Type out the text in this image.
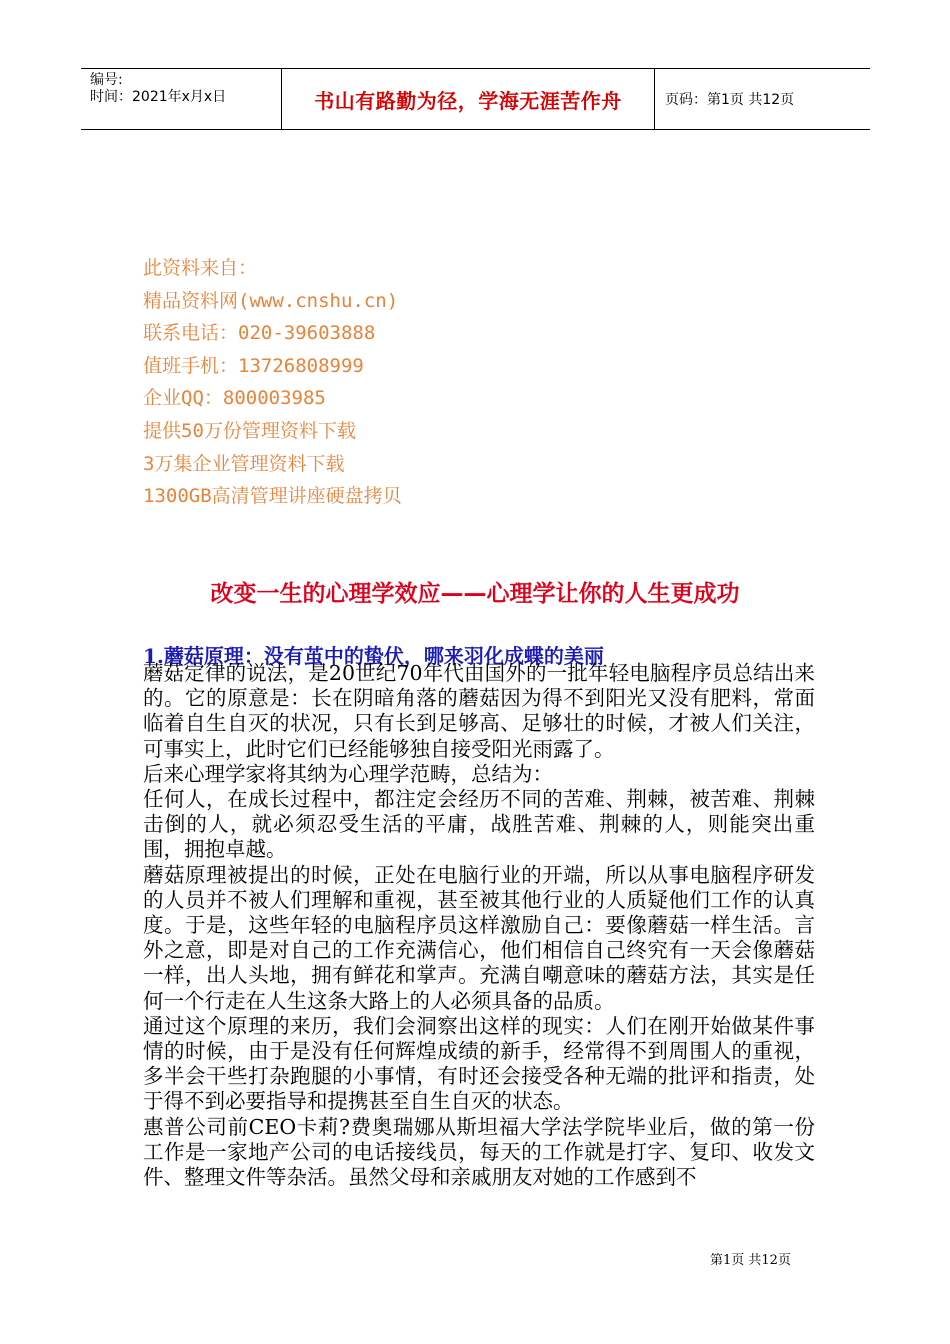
编号:
时间：2021年x月x日	书山有路勤为径，学海无涯苦作舟	页码：第1页 共12页
此资料来自：
精品资料网(www.cnshu.cn)
联系电话：020-39603888
值班手机：13726808999
企业QQ：800003985
提供50万份管理资料下载
3万集企业管理资料下载
1300GB高清管理讲座硬盘拷贝
改变一生的心理学效应——心理学让你的人生更成功
1.蘑菇原理：没有茧中的蛰伏，哪来羽化成蝶的美丽

蘑菇定律的说法，是20世纪70年代由国外的一批年轻电脑程序员总结出来的。它的原意是：长在阴暗角落的蘑菇因为得不到阳光又没有肥料，常面临着自生自灭的状况，只有长到足够高、足够壮的时候，才被人们关注，可事实上，此时它们已经能够独自接受阳光雨露了。

后来心理学家将其纳为心理学范畴，总结为：

任何人，在成长过程中，都注定会经历不同的苦难、荆棘，被苦难、荆棘击倒的人，就必须忍受生活的平庸，战胜苦难、荆棘的人，则能突出重围，拥抱卓越。

蘑菇原理被提出的时候，正处在电脑行业的开端，所以从事电脑程序研发的人员并不被人们理解和重视，甚至被其他行业的人质疑他们工作的认真度。于是，这些年轻的电脑程序员这样激励自己：要像蘑菇一样生活。言外之意，即是对自己的工作充满信心，他们相信自己终究有一天会像蘑菇一样，出人头地，拥有鲜花和掌声。充满自嘲意味的蘑菇方法，其实是任何一个行走在人生这条大路上的人必须具备的品质。

通过这个原理的来历，我们会洞察出这样的现实：人们在刚开始做某件事情的时候，由于是没有任何辉煌成绩的新手，经常得不到周围人的重视，多半会干些打杂跑腿的小事情，有时还会接受各种无端的批评和指责，处于得不到必要指导和提携甚至自生自灭的状态。

惠普公司前CEO卡莉?费奥瑞娜从斯坦福大学法学院毕业后，做的第一份工作是一家地产公司的电话接线员，每天的工作就是打字、复印、收发文件、整理文件等杂活。虽然父母和亲戚朋友对她的工作感到不

第1页 共12页
